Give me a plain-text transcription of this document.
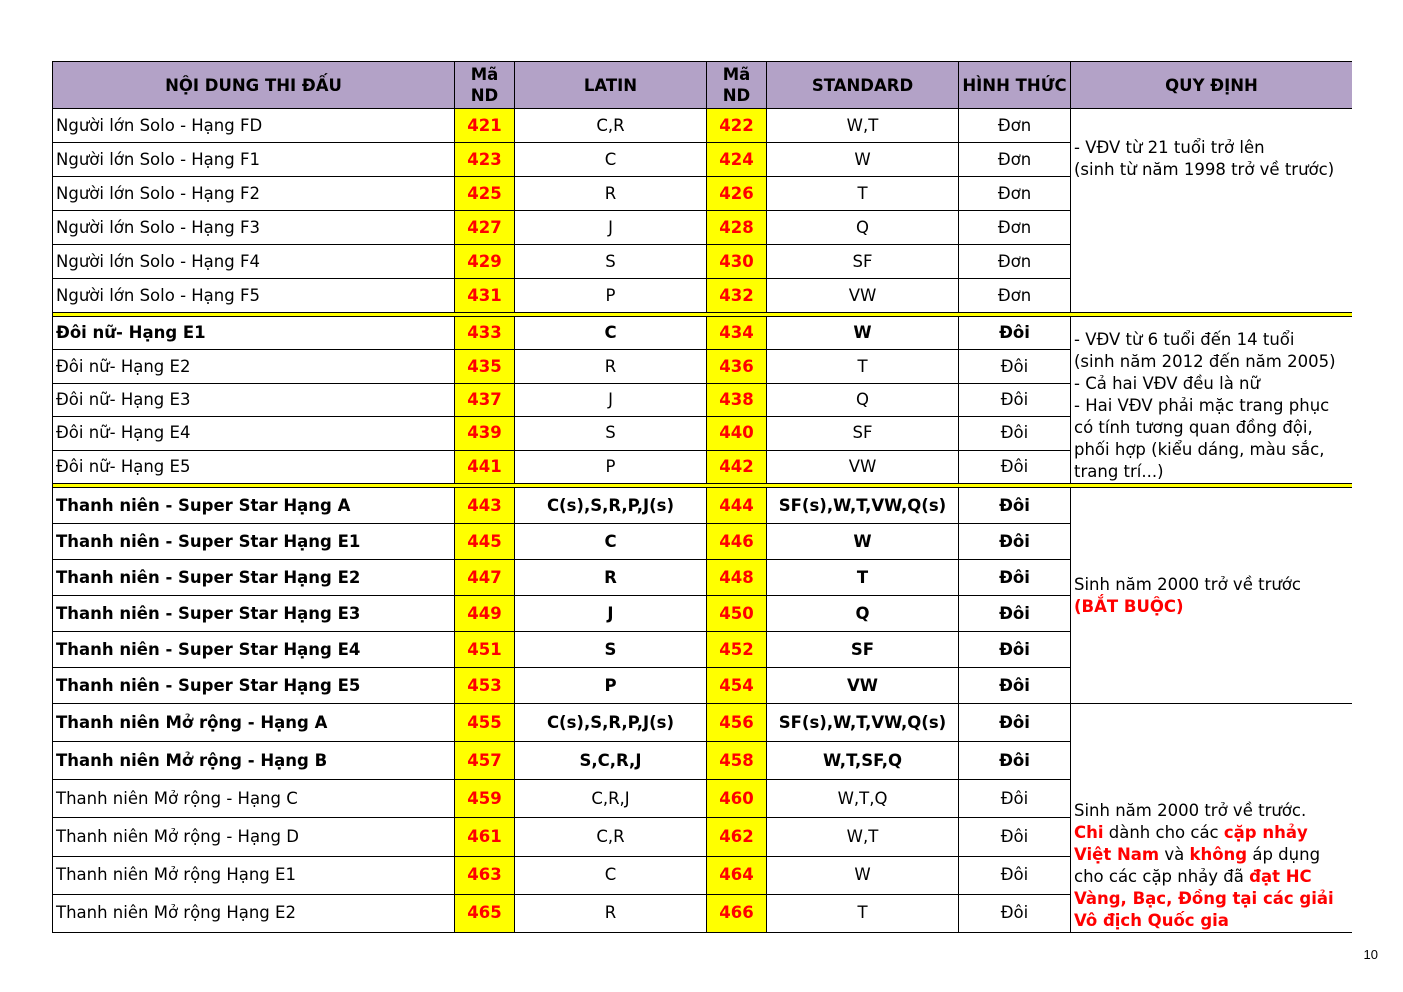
NỘI DUNG THI ĐẤU	Mã ND	LATIN	Mã ND	STANDARD	HÌNH THỨC	QUY ĐỊNH
Người lớn Solo - Hạng FD	421	C,R	422	W,T	Đơn	- VĐV từ 21 tuổi trở lên
(sinh từ năm 1998 trở về trước)

Người lớn Solo - Hạng F1	423	C	424	W	Đơn	
Người lớn Solo - Hạng F2	425	R	426	T	Đơn	
Người lớn Solo - Hạng F3	427	J	428	Q	Đơn	
Người lớn Solo - Hạng F4	429	S	430	SF	Đơn	
Người lớn Solo - Hạng F5	431	P	432	VW	Đơn	

Đôi nữ- Hạng E1	433	C	434	W	Đôi	- VĐV từ 6 tuổi đến 14 tuổi
(sinh năm 2012 đến năm 2005)
- Cả hai VĐV đều là nữ
- Hai VĐV phải mặc trang phục có tính tương quan đồng đội, phối hợp (kiểu dáng, màu sắc, trang trí...)

Đôi nữ- Hạng E2	435	R	436	T	Đôi	
Đôi nữ- Hạng E3	437	J	438	Q	Đôi	
Đôi nữ- Hạng E4	439	S	440	SF	Đôi	
Đôi nữ- Hạng E5	441	P	442	VW	Đôi	

Thanh niên - Super Star Hạng A	443	C(s),S,R,P,J(s)	444	SF(s),W,T,VW,Q(s)	Đôi	Sinh năm 2000 trở về trước
(BẮT BUỘC)

Thanh niên - Super Star Hạng E1	445	C	446	W	Đôi	
Thanh niên - Super Star Hạng E2	447	R	448	T	Đôi	
Thanh niên - Super Star Hạng E3	449	J	450	Q	Đôi	
Thanh niên - Super Star Hạng E4	451	S	452	SF	Đôi	
Thanh niên - Super Star Hạng E5	453	P	454	VW	Đôi	
Thanh niên Mở rộng - Hạng A	455	C(s),S,R,P,J(s)	456	SF(s),W,T,VW,Q(s)	Đôi	Sinh năm 2000 trở về trước.
Chi dành cho các cặp nhảy Việt Nam và không áp dụng cho các cặp nhảy đã đạt HC Vàng, Bạc, Đồng tại các giải Vô địch Quốc gia

Thanh niên Mở rộng - Hạng B	457	S,C,R,J	458	W,T,SF,Q	Đôi	
Thanh niên Mở rộng - Hạng C	459	C,R,J	460	W,T,Q	Đôi	
Thanh niên Mở rộng - Hạng D	461	C,R	462	W,T	Đôi	
Thanh niên Mở rộng Hạng E1	463	C	464	W	Đôi	
Thanh niên Mở rộng Hạng E2	465	R	466	T	Đôi	
10
